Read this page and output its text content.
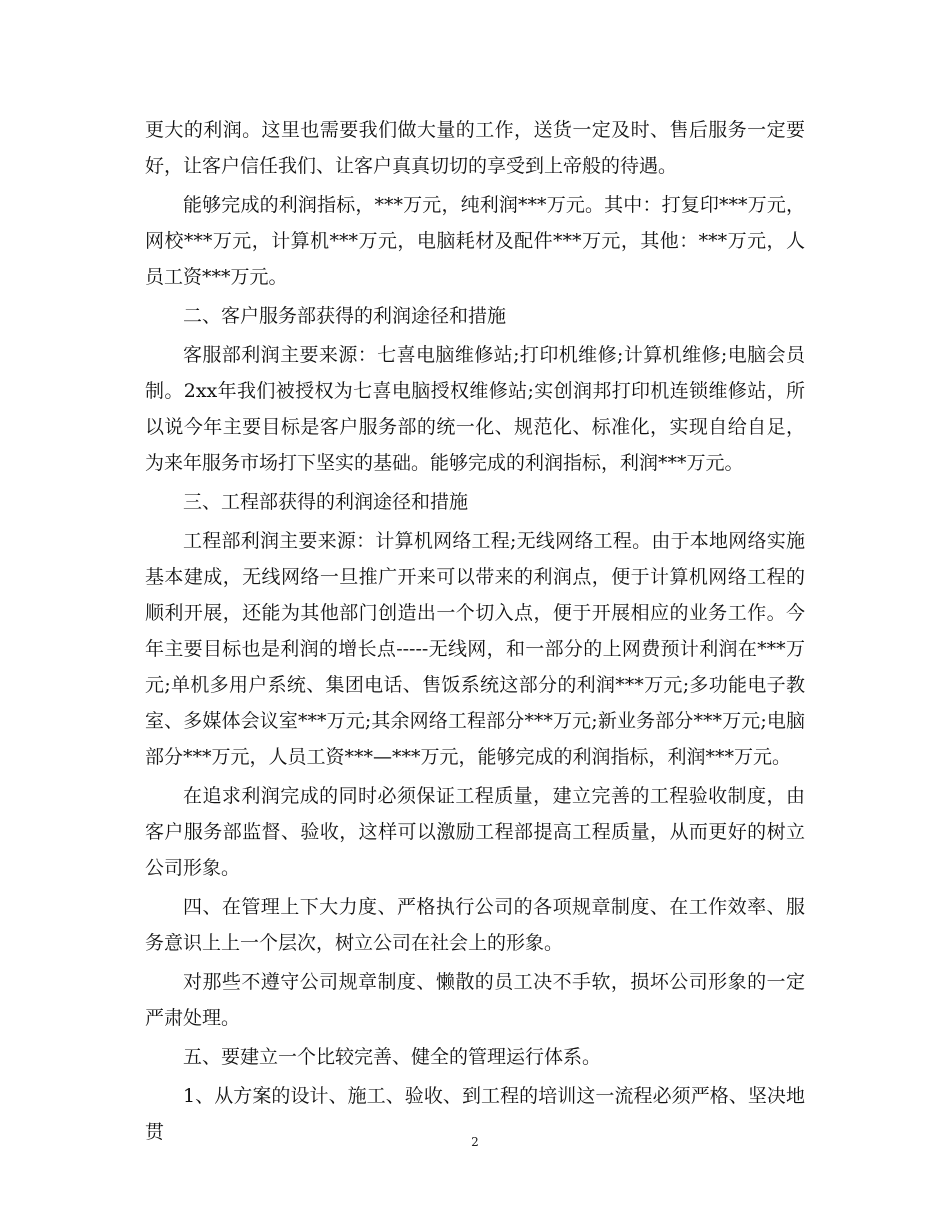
更大的利润。这里也需要我们做大量的工作，送货一定及时、售后服务一定要好，让客户信任我们、让客户真真切切的享受到上帝般的待遇。

能够完成的利润指标，***万元，纯利润***万元。其中：打复印***万元，网校***万元，计算机***万元，电脑耗材及配件***万元，其他：***万元，人员工资***万元。

二、客户服务部获得的利润途径和措施

客服部利润主要来源：七喜电脑维修站;打印机维修;计算机维修;电脑会员制。2xx年我们被授权为七喜电脑授权维修站;实创润邦打印机连锁维修站，所以说今年主要目标是客户服务部的统一化、规范化、标准化，实现自给自足，为来年服务市场打下坚实的基础。能够完成的利润指标，利润***万元。

三、工程部获得的利润途径和措施

工程部利润主要来源：计算机网络工程;无线网络工程。由于本地网络实施基本建成，无线网络一旦推广开来可以带来的利润点，便于计算机网络工程的顺利开展，还能为其他部门创造出一个切入点，便于开展相应的业务工作。今年主要目标也是利润的增长点-----无线网，和一部分的上网费预计利润在***万元;单机多用户系统、集团电话、售饭系统这部分的利润***万元;多功能电子教室、多媒体会议室***万元;其余网络工程部分***万元;新业务部分***万元;电脑部分***万元，人员工资***—***万元，能够完成的利润指标，利润***万元。

在追求利润完成的同时必须保证工程质量，建立完善的工程验收制度，由客户服务部监督、验收，这样可以激励工程部提高工程质量，从而更好的树立公司形象。

四、在管理上下大力度、严格执行公司的各项规章制度、在工作效率、服务意识上上一个层次，树立公司在社会上的形象。

对那些不遵守公司规章制度、懒散的员工决不手软，损坏公司形象的一定严肃处理。

五、要建立一个比较完善、健全的管理运行体系。

1、从方案的设计、施工、验收、到工程的培训这一流程必须严格、坚决地贯	2
